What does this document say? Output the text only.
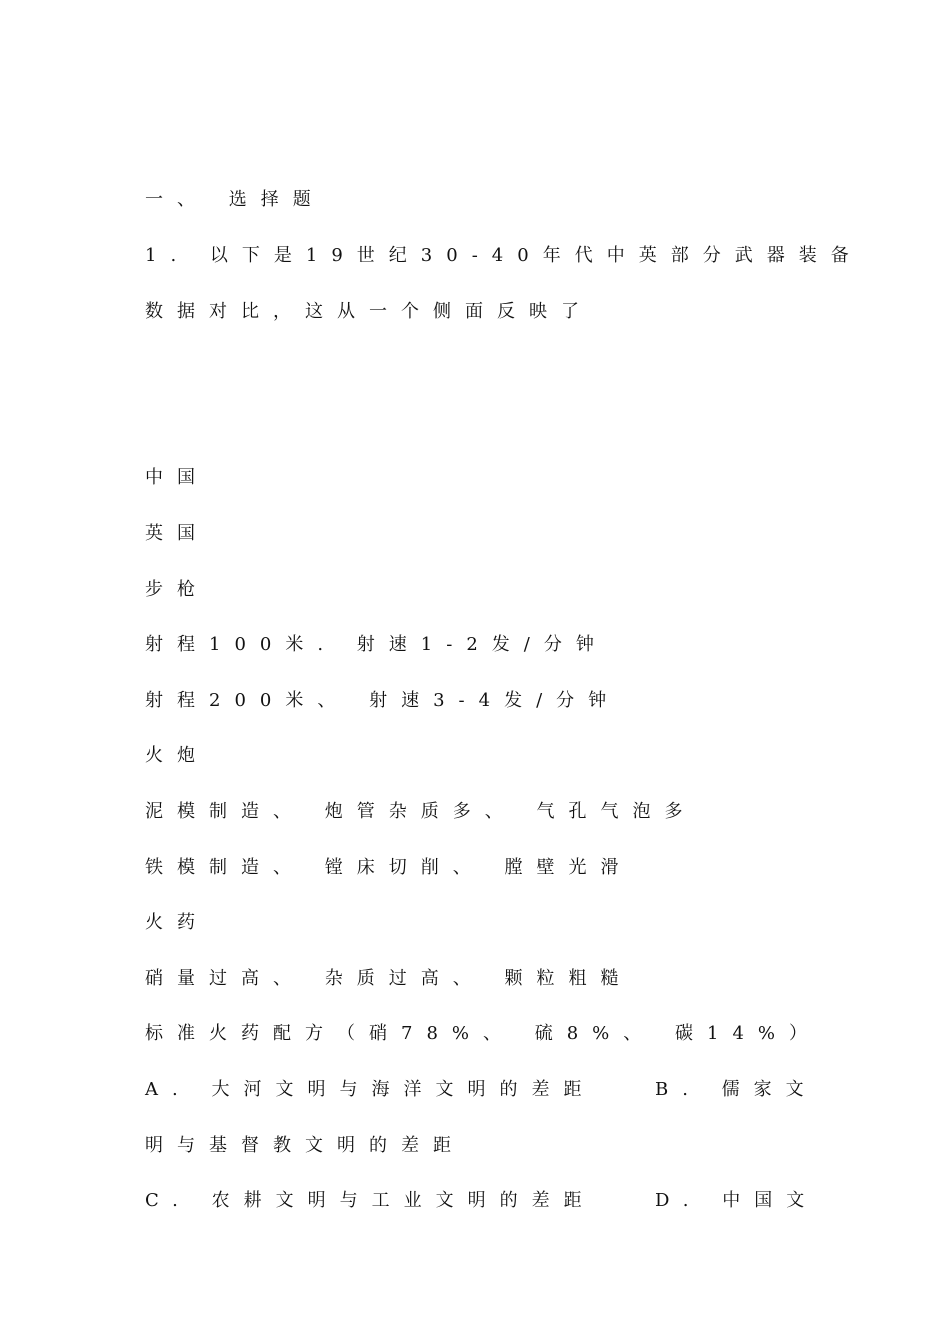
一、 选择题
1. 以下是19世纪30-40年代中英部分武器装备
数据对比，这从一个侧面反映了
中国
英国
步枪
射程100米. 射速1-2发/分钟
射程200米、 射速3-4发/分钟
火炮
泥模制造、 炮管杂质多、 气孔气泡多
铁模制造、 镗床切削、 膛壁光滑
火药
硝量过高、 杂质过高、 颗粒粗糙
标准火药配方（硝78%、 硫8%、 碳14%）
A. 大河文明与海洋文明的差距	B. 儒家文
明与基督教文明的差距
C. 农耕文明与工业文明的差距	D. 中国文
